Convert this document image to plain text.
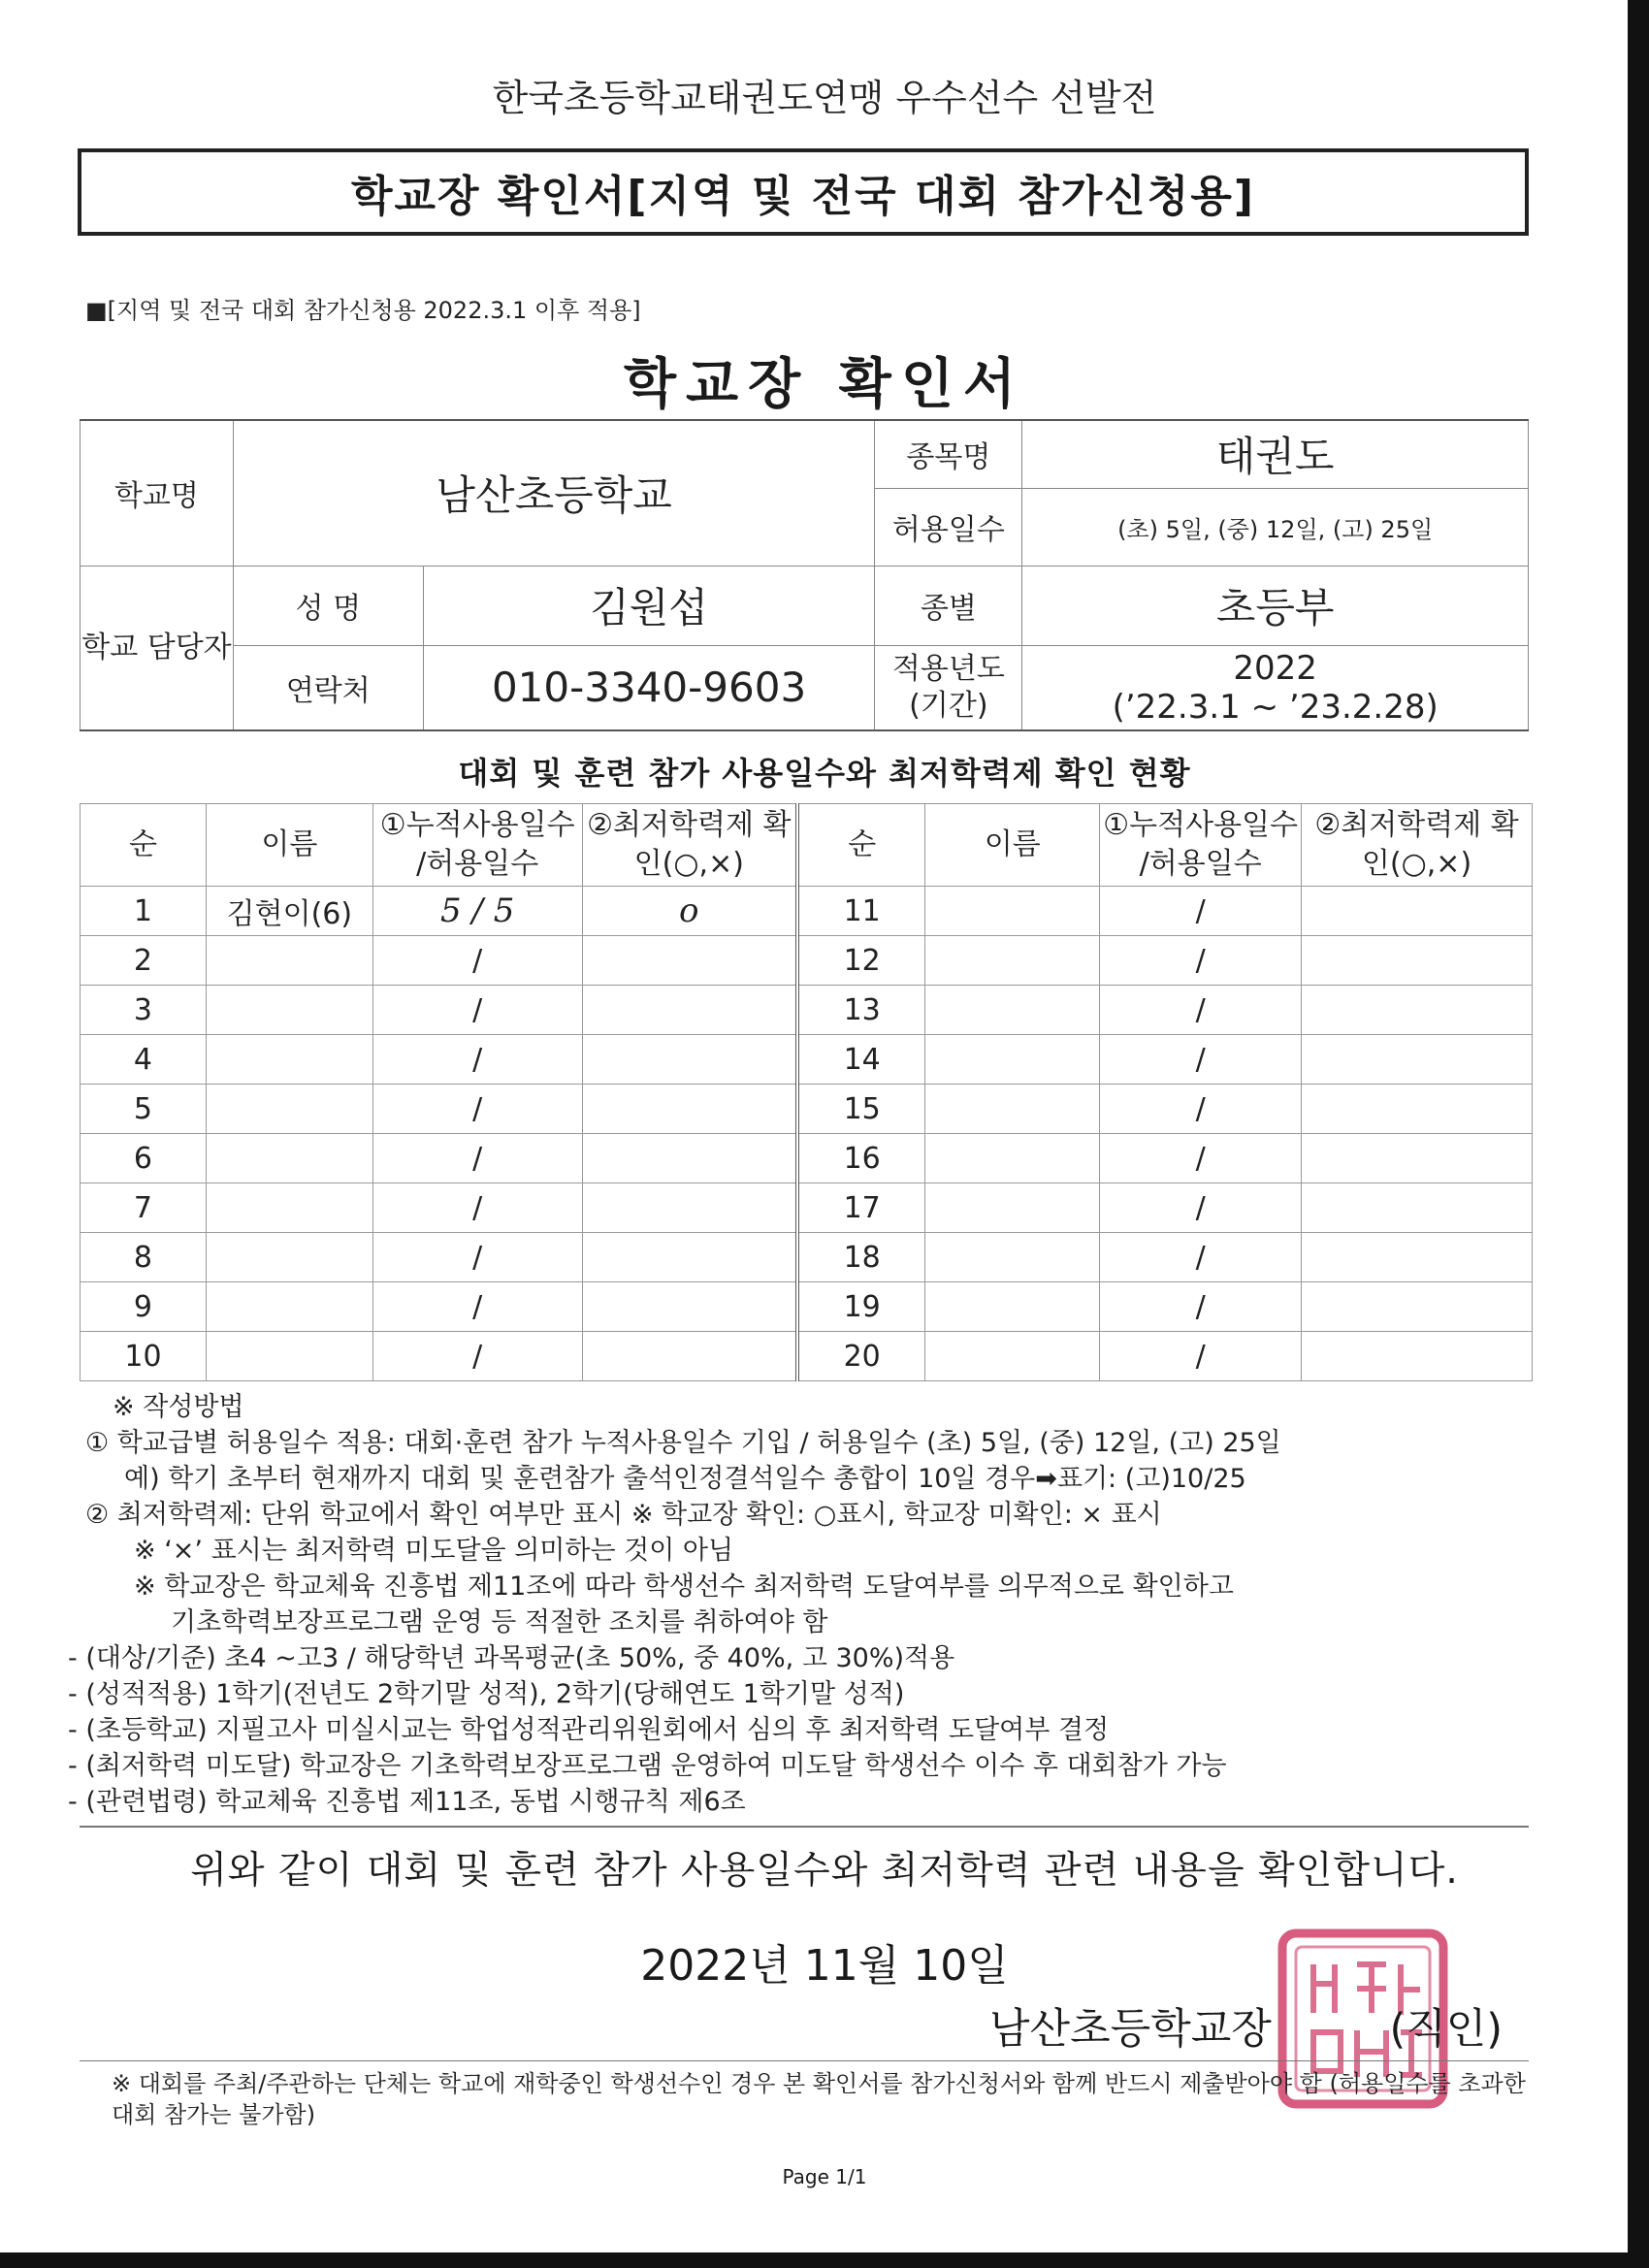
한국초등학교태권도연맹 우수선수 선발전
학교장 확인서[지역 및 전국 대회 참가신청용]
■[지역 및 전국 대회 참가신청용 2022.3.1 이후 적용]
학교장 확인서
학교명	남산초등학교		종목명	태권도
			허용일수	(초) 5일, (중) 12일, (고) 25일
학교 담당자	성 명	김원섭	종별	초등부
	연락처	010-3340-9603	적용년도 (기간)	2022
(’22.3.1 ~ ’23.2.28)
대회 및 훈련 참가 사용일수와 최저학력제 확인 현황
순	이름	①누적사용일수 /허용일수	②최저학력제 확인(○,×)	순	이름	①누적사용일수 /허용일수	②최저학력제 확인(○,×)
1	김현이(6)	5 / 5	o	11		/	
2		/		12		/	
3		/		13		/	
4		/		14		/	
5		/		15		/	
6		/		16		/	
7		/		17		/	
8		/		18		/	
9		/		19		/	
10		/		20		/	
※ 작성방법
① 학교급별 허용일수 적용: 대회·훈련 참가 누적사용일수 기입 / 허용일수 (초) 5일, (중) 12일, (고) 25일
예) 학기 초부터 현재까지 대회 및 훈련참가 출석인정결석일수 총합이 10일 경우➡표기: (고)10/25
② 최저학력제: 단위 학교에서 확인 여부만 표시 ※ 학교장 확인: ○표시, 학교장 미확인: × 표시
※ ‘×’ 표시는 최저학력 미도달을 의미하는 것이 아님
※ 학교장은 학교체육 진흥법 제11조에 따라 학생선수 최저학력 도달여부를 의무적으로 확인하고
기초학력보장프로그램 운영 등 적절한 조치를 취하여야 함
- (대상/기준) 초4 ~고3 / 해당학년 과목평균(초 50%, 중 40%, 고 30%)적용
- (성적적용) 1학기(전년도 2학기말 성적), 2학기(당해연도 1학기말 성적)
- (초등학교) 지필고사 미실시교는 학업성적관리위원회에서 심의 후 최저학력 도달여부 결정
- (최저학력 미도달) 학교장은 기초학력보장프로그램 운영하여 미도달 학생선수 이수 후 대회참가 가능
- (관련법령) 학교체육 진흥법 제11조, 동법 시행규칙 제6조
위와 같이 대회 및 훈련 참가 사용일수와 최저학력 관련 내용을 확인합니다.
2022년 11월 10일
남산초등학교장	(직인)
※ 대회를 주최/주관하는 단체는 학교에 재학중인 학생선수인 경우 본 확인서를 참가신청서와 함께 반드시 제출받아야 함 (허용일수를 초과한 대회 참가는 불가함)
Page 1/1
